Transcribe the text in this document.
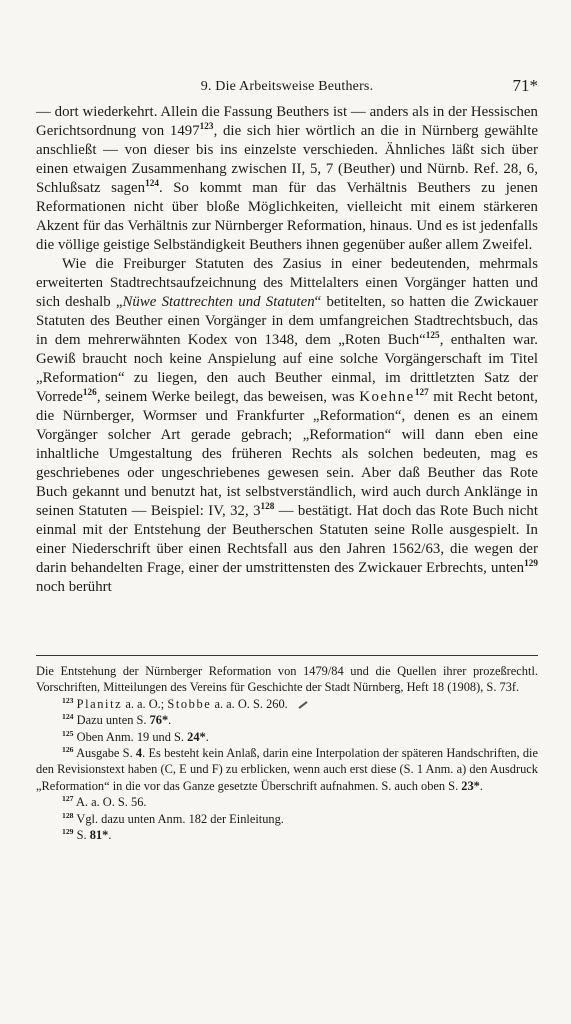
9. Die Arbeitsweise Beuthers.	71*

— dort wiederkehrt. Allein die Fassung Beuthers ist — anders als in der Hessischen Gerichtsordnung von 1497$^{123}$, die sich hier wörtlich an die in Nürnberg gewählte anschließt — von dieser bis ins einzelste verschieden. Ähnliches läßt sich über einen etwaigen Zusammenhang zwischen II, 5, 7 (Beuther) und Nürnb. Ref. 28, 6, Schlußsatz sagen$^{124}$. So kommt man für das Verhältnis Beuthers zu jenen Reformationen nicht über bloße Möglichkeiten, vielleicht mit einem stärkeren Akzent für das Verhältnis zur Nürnberger Reformation, hinaus. Und es ist jedenfalls die völlige geistige Selbständigkeit Beuthers ihnen gegenüber außer allem Zweifel.

Wie die Freiburger Statuten des Zasius in einer bedeutenden, mehrmals erweiterten Stadtrechtsaufzeichnung des Mittelalters einen Vorgänger hatten und sich deshalb „Nüwe Stattrechten und Statuten“ betitelten, so hatten die Zwickauer Statuten des Beuther einen Vorgänger in dem umfangreichen Stadtrechtsbuch, das in dem mehrerwähnten Kodex von 1348, dem „Roten Buch“$^{125}$, enthalten war. Gewiß braucht noch keine Anspielung auf eine solche Vorgängerschaft im Titel „Reformation“ zu liegen, den auch Beuther einmal, im drittletzten Satz der Vorrede$^{126}$, seinem Werke beilegt, das beweisen, was Koehne$^{127}$ mit Recht betont, die Nürnberger, Wormser und Frankfurter „Reformation“, denen es an einem Vorgänger solcher Art gerade gebrach; „Reformation“ will dann eben eine inhaltliche Umgestaltung des früheren Rechts als solchen bedeuten, mag es geschriebenes oder ungeschriebenes gewesen sein. Aber daß Beuther das Rote Buch gekannt und benutzt hat, ist selbstverständlich, wird auch durch Anklänge in seinen Statuten — Beispiel: IV, 32, $3^{128}$ — bestätigt. Hat doch das Rote Buch nicht einmal mit der Entstehung der Beutherschen Statuten seine Rolle ausgespielt. In einer Niederschrift über einen Rechtsfall aus den Jahren 1562/63, die wegen der darin behandelten Frage, einer der umstrittensten des Zwickauer Erbrechts, unten$^{129}$ noch berührt

Die Entstehung der Nürnberger Reformation von 1479/84 und die Quellen ihrer prozeßrechtl. Vorschriften, Mitteilungen des Vereins für Geschichte der Stadt Nürnberg, Heft 18 (1908), S. 73f.

$^{123}$ Planitz a. a. O.; Stobbe a. a. O. S. 260.

$^{124}$ Dazu unten S. 76*.

$^{125}$ Oben Anm. 19 und S. 24*.

$^{126}$ Ausgabe S. 4. Es besteht kein Anlaß, darin eine Interpolation der späteren Handschriften, die den Revisionstext haben (C, E und F) zu erblicken, wenn auch erst diese (S. 1 Anm. a) den Ausdruck „Reformation“ in die vor das Ganze gesetzte Überschrift aufnahmen. S. auch oben S. 23*.

$^{127}$ A. a. O. S. 56.

$^{128}$ Vgl. dazu unten Anm. 182 der Einleitung.

$^{129}$ S. 81*.
